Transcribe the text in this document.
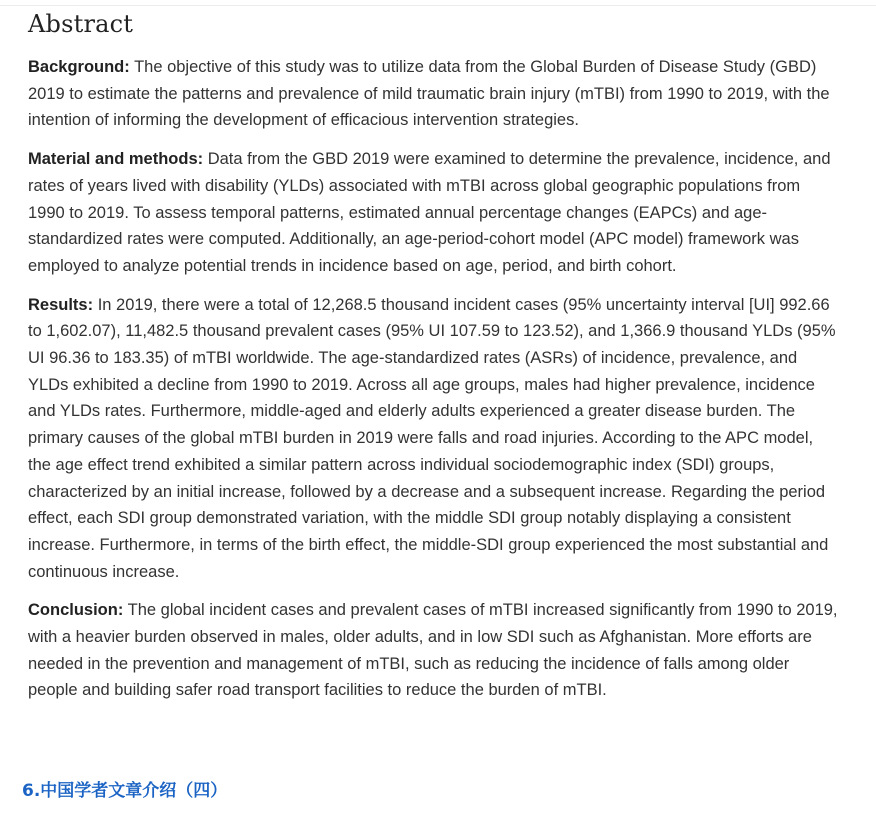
Abstract

Background: The objective of this study was to utilize data from the Global Burden of Disease Study (GBD) 2019 to estimate the patterns and prevalence of mild traumatic brain injury (mTBI) from 1990 to 2019, with the intention of informing the development of efficacious intervention strategies.

Material and methods: Data from the GBD 2019 were examined to determine the prevalence, incidence, and rates of years lived with disability (YLDs) associated with mTBI across global geographic populations from 1990 to 2019. To assess temporal patterns, estimated annual percentage changes (EAPCs) and age-standardized rates were computed. Additionally, an age-period-cohort model (APC model) framework was employed to analyze potential trends in incidence based on age, period, and birth cohort.

Results: In 2019, there were a total of 12,268.5 thousand incident cases (95% uncertainty interval [UI] 992.66 to 1,602.07), 11,482.5 thousand prevalent cases (95% UI 107.59 to 123.52), and 1,366.9 thousand YLDs (95% UI 96.36 to 183.35) of mTBI worldwide. The age-standardized rates (ASRs) of incidence, prevalence, and YLDs exhibited a decline from 1990 to 2019. Across all age groups, males had higher prevalence, incidence and YLDs rates. Furthermore, middle-aged and elderly adults experienced a greater disease burden. The primary causes of the global mTBI burden in 2019 were falls and road injuries. According to the APC model, the age effect trend exhibited a similar pattern across individual sociodemographic index (SDI) groups, characterized by an initial increase, followed by a decrease and a subsequent increase. Regarding the period effect, each SDI group demonstrated variation, with the middle SDI group notably displaying a consistent increase. Furthermore, in terms of the birth effect, the middle-SDI group experienced the most substantial and continuous increase.

Conclusion: The global incident cases and prevalent cases of mTBI increased significantly from 1990 to 2019, with a heavier burden observed in males, older adults, and in low SDI such as Afghanistan. More efforts are needed in the prevention and management of mTBI, such as reducing the incidence of falls among older people and building safer road transport facilities to reduce the burden of mTBI.

6.中国学者文章介绍（四）
